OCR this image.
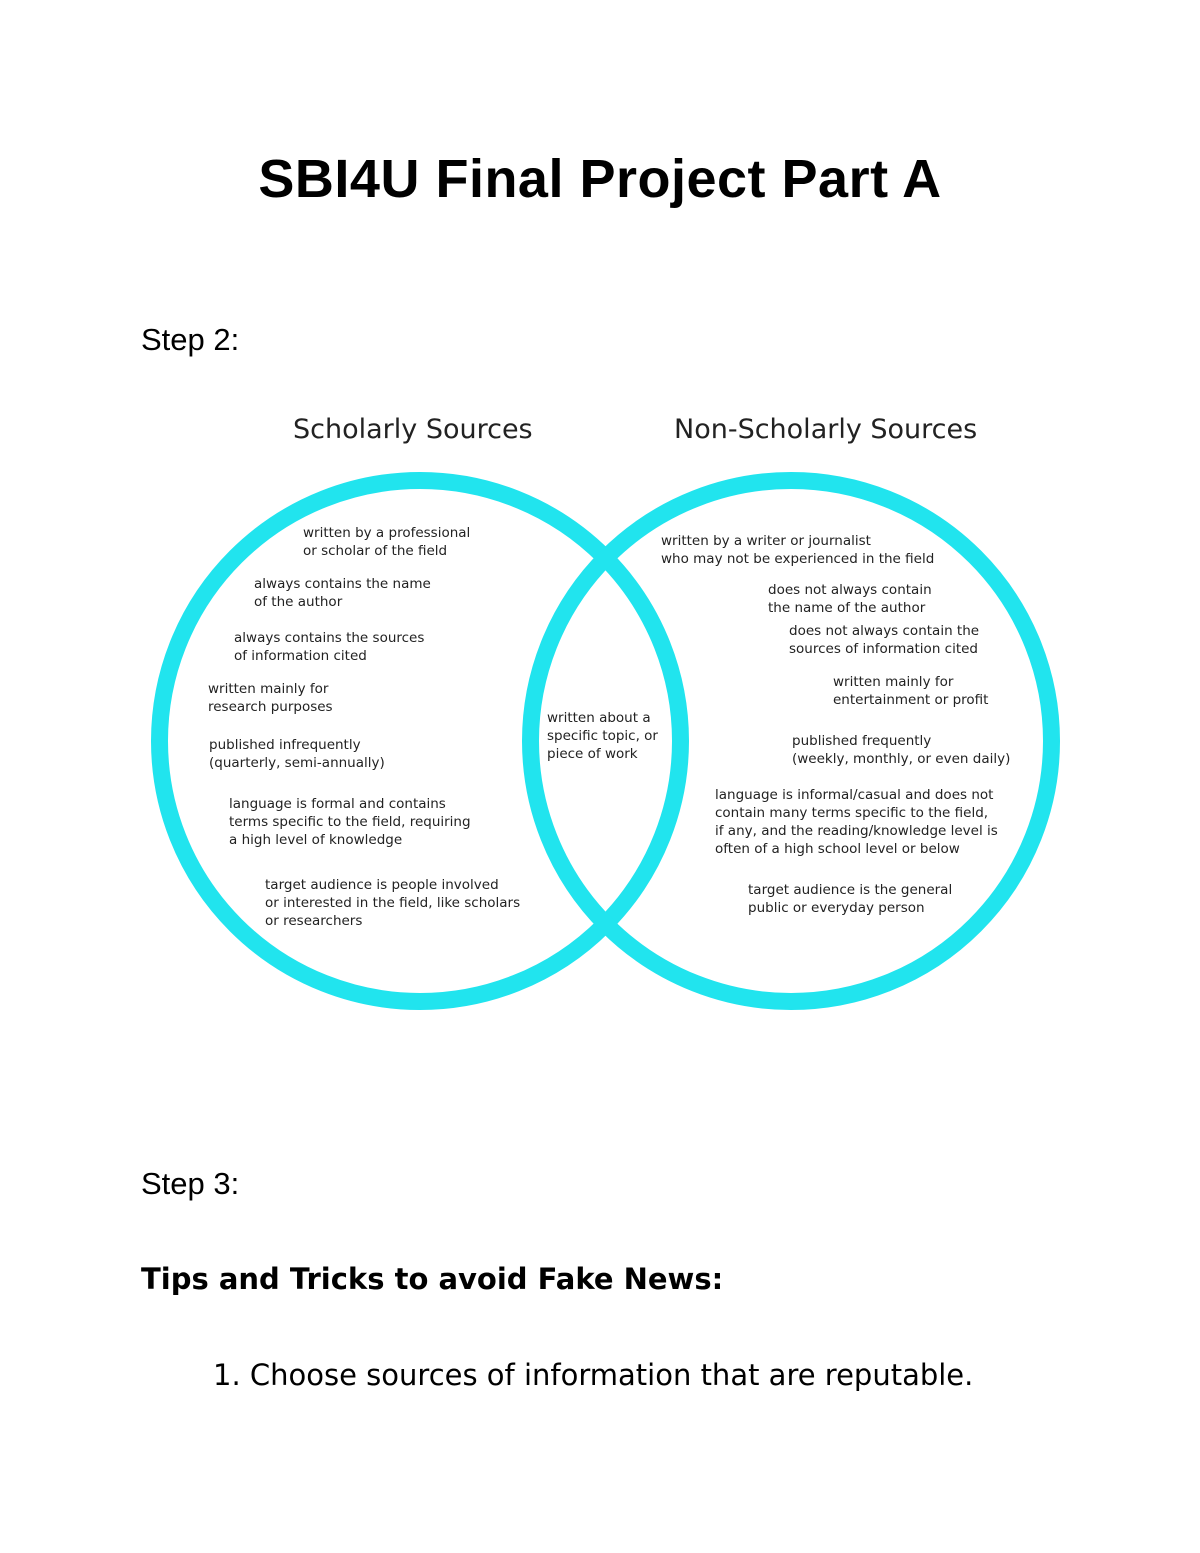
SBI4U Final Project Part A
Step 2:
Scholarly Sources	Non-Scholarly Sources
written by a professional
or scholar of the field
always contains the name
of the author
always contains the sources
of information cited
written mainly for
research purposes
published infrequently
(quarterly, semi-annually)
language is formal and contains
terms specific to the field, requiring
a high level of knowledge
target audience is people involved
or interested in the field, like scholars
or researchers
written about a
specific topic, or
piece of work
written by a writer or journalist
who may not be experienced in the field
does not always contain
the name of the author
does not always contain the
sources of information cited
written mainly for
entertainment or profit
published frequently
(weekly, monthly, or even daily)
language is informal/casual and does not
contain many terms specific to the field,
if any, and the reading/knowledge level is
often of a high school level or below
target audience is the general
public or everyday person
Step 3:
Tips and Tricks to avoid Fake News:
1. Choose sources of information that are reputable.
